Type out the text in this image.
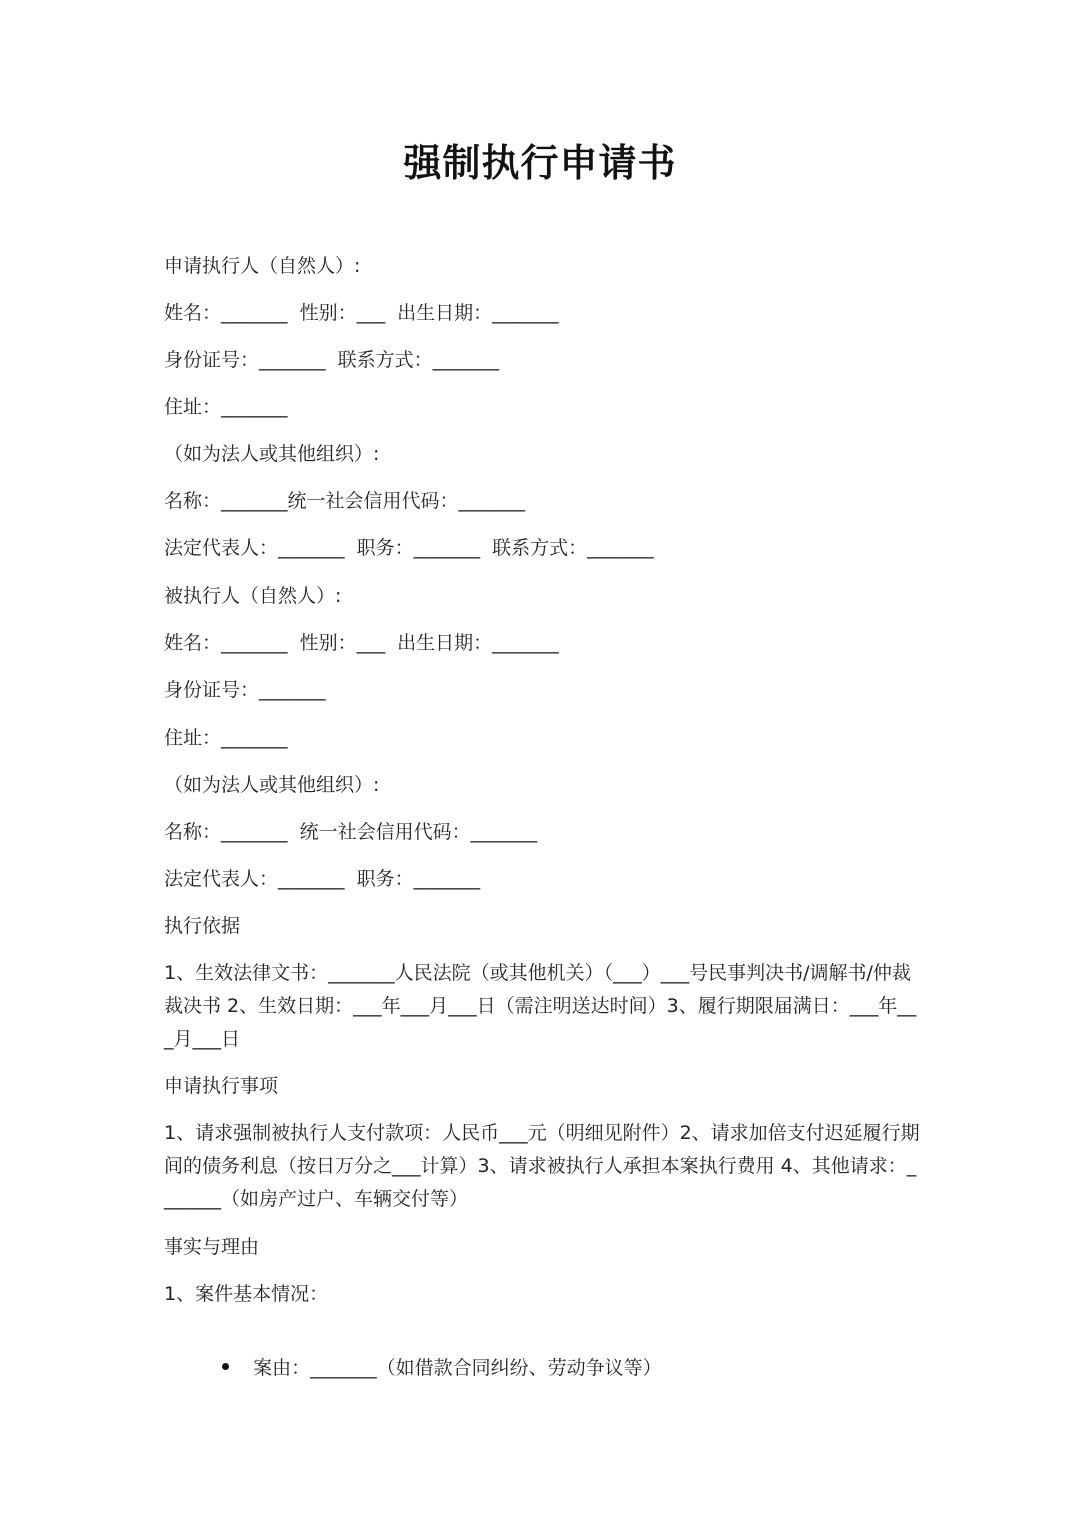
强制执行申请书
申请执行人（自然人）:
姓名：_______  性别：___  出生日期：_______
身份证号：_______  联系方式：_______
住址：_______
（如为法人或其他组织）:
名称：_______统一社会信用代码：_______
法定代表人：_______  职务：_______  联系方式：_______
被执行人（自然人）:
姓名：_______  性别：___  出生日期：_______
身份证号：_______
住址：_______
（如为法人或其他组织）:
名称：_______  统一社会信用代码：_______
法定代表人：_______  职务：_______
执行依据
1、生效法律文书：_______人民法院（或其他机关）（___）___号民事判决书/调解书/仲裁裁决书 2、生效日期：___年___月___日（需注明送达时间）3、履行期限届满日：___年___月___日
申请执行事项
1、请求强制被执行人支付款项：人民币___元（明细见附件）2、请求加倍支付迟延履行期间的债务利息（按日万分之___计算）3、请求被执行人承担本案执行费用 4、其他请求：_______（如房产过户、车辆交付等）
事实与理由
1、案件基本情况：

案由：_______（如借款合同纠纷、劳动争议等）
